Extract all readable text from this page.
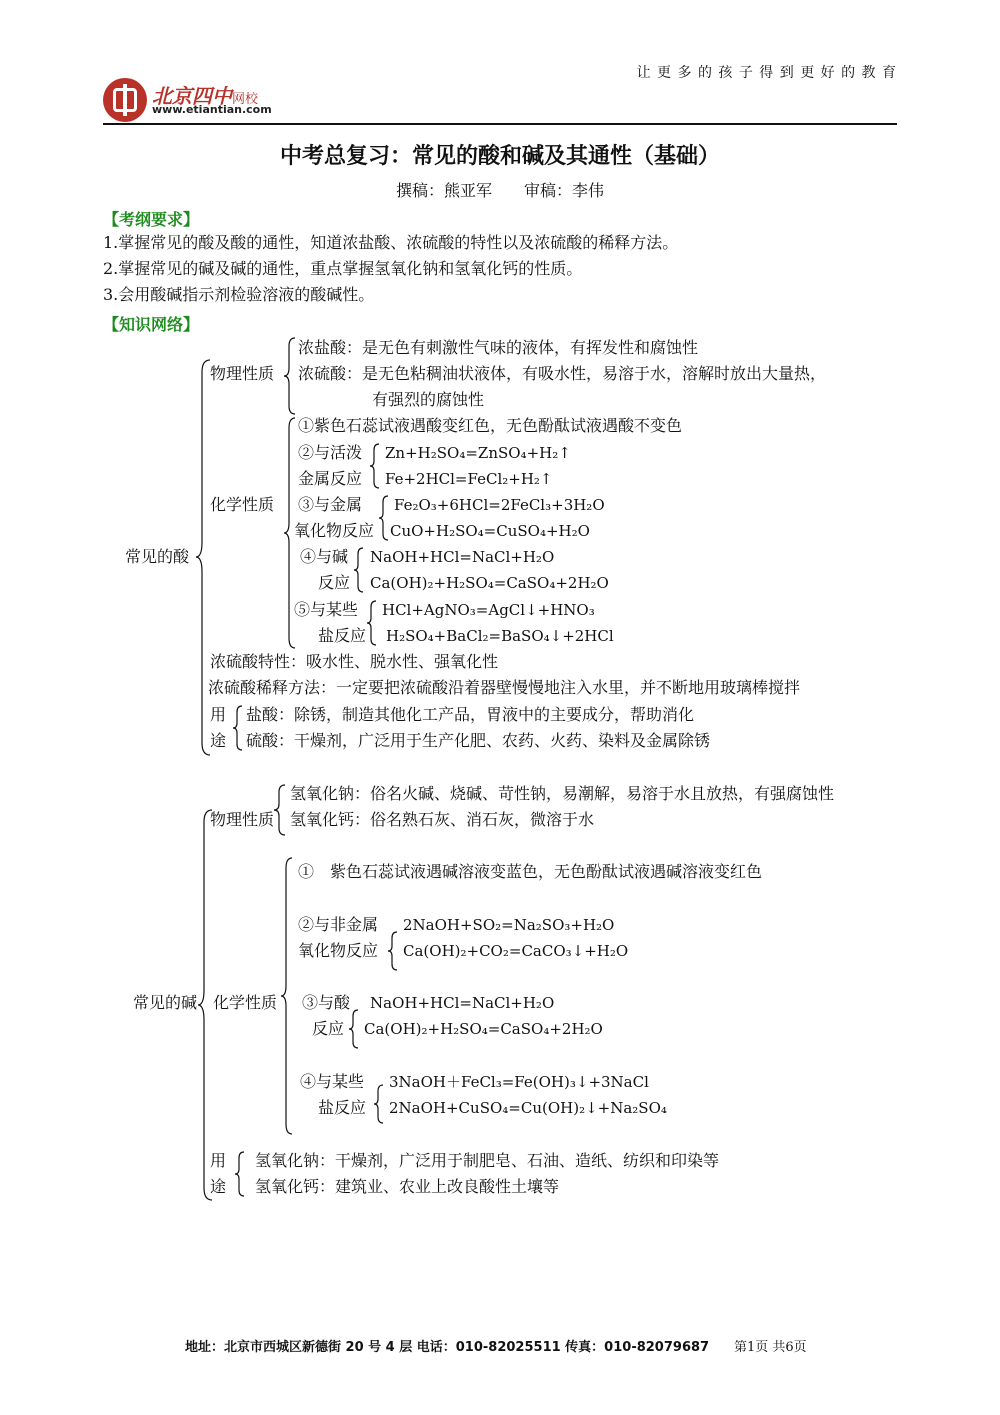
北京四中网校
www.etiantian.com
让 更 多 的 孩 子 得 到 更 好 的 教 育
中考总复习：常见的酸和碱及其通性（基础）
撰稿：熊亚军　　审稿：李伟
【考纲要求】
1.掌握常见的酸及酸的通性，知道浓盐酸、浓硫酸的特性以及浓硫酸的稀释方法。
2.掌握常见的碱及碱的通性，重点掌握氢氧化钠和氢氧化钙的性质。
3.会用酸碱指示剂检验溶液的酸碱性。
【知识网络】
常见的酸
物理性质
浓盐酸：是无色有刺激性气味的液体，有挥发性和腐蚀性
浓硫酸：是无色粘稠油状液体，有吸水性，易溶于水，溶解时放出大量热，
有强烈的腐蚀性
化学性质
①紫色石蕊试液遇酸变红色，无色酚酞试液遇酸不变色
②与活泼
金属反应
Zn+H₂SO₄=ZnSO₄+H₂↑
Fe+2HCl=FeCl₂+H₂↑
③与金属
氧化物反应
Fe₂O₃+6HCl=2FeCl₃+3H₂O
CuO+H₂SO₄=CuSO₄+H₂O
④与碱
反应
NaOH+HCl=NaCl+H₂O
Ca(OH)₂+H₂SO₄=CaSO₄+2H₂O
⑤与某些
盐反应
HCl+AgNO₃=AgCl↓+HNO₃
H₂SO₄+BaCl₂=BaSO₄↓+2HCl
浓硫酸特性：吸水性、脱水性、强氧化性
浓硫酸稀释方法：一定要把浓硫酸沿着器壁慢慢地注入水里，并不断地用玻璃棒搅拌
用
途
盐酸：除锈，制造其他化工产品，胃液中的主要成分，帮助消化
硫酸：干燥剂，广泛用于生产化肥、农药、火药、染料及金属除锈
常见的碱
物理性质
氢氧化钠：俗名火碱、烧碱、苛性钠，易潮解，易溶于水且放热，有强腐蚀性
氢氧化钙：俗名熟石灰、消石灰，微溶于水
化学性质
①　紫色石蕊试液遇碱溶液变蓝色，无色酚酞试液遇碱溶液变红色
②与非金属
氧化物反应
2NaOH+SO₂=Na₂SO₃+H₂O
Ca(OH)₂+CO₂=CaCO₃↓+H₂O
③与酸
反应
NaOH+HCl=NaCl+H₂O
Ca(OH)₂+H₂SO₄=CaSO₄+2H₂O
④与某些
盐反应
3NaOH＋FeCl₃=Fe(OH)₃↓+3NaCl
2NaOH+CuSO₄=Cu(OH)₂↓+Na₂SO₄
用
途
氢氧化钠：干燥剂，广泛用于制肥皂、石油、造纸、纺织和印染等
氢氧化钙：建筑业、农业上改良酸性土壤等
地址：北京市西城区新德街 20 号 4 层 电话：010-82025511 传真：010-82079687 第1页 共6页
